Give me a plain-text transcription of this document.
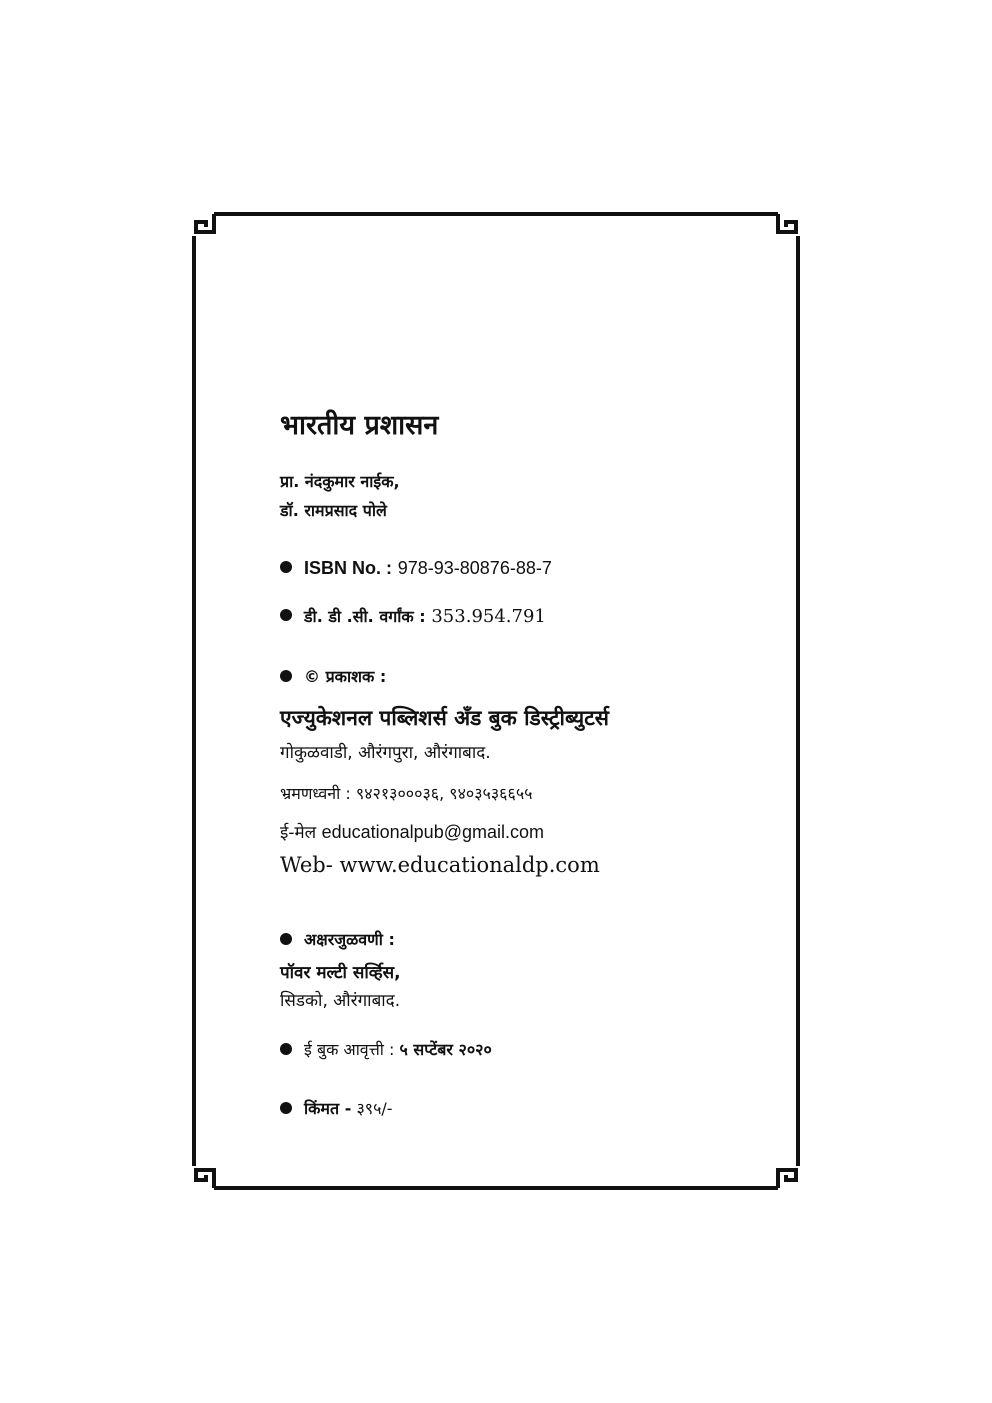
भारतीय प्रशासन
प्रा. नंदकुमार नाईक,
डॉ. रामप्रसाद पोले
ISBN No. : 978-93-80876-88-7
डी. डी .सी. वर्गांक : 353.954.791
© प्रकाशक :
एज्युकेशनल पब्लिशर्स अँड बुक डिस्ट्रीब्युटर्स
गोकुळवाडी, औरंगपुरा, औरंगाबाद.
भ्रमणध्वनी : ९४२१३०००३६, ९४०३५३६६५५
ई-मेल educationalpub@gmail.com
Web- www.educationaldp.com
अक्षरजुळवणी :
पॉवर मल्टी सर्व्हिस,
सिडको, औरंगाबाद.
ई बुक आवृत्ती : ५ सप्टेंबर २०२०
किंमत - ३९५/-
